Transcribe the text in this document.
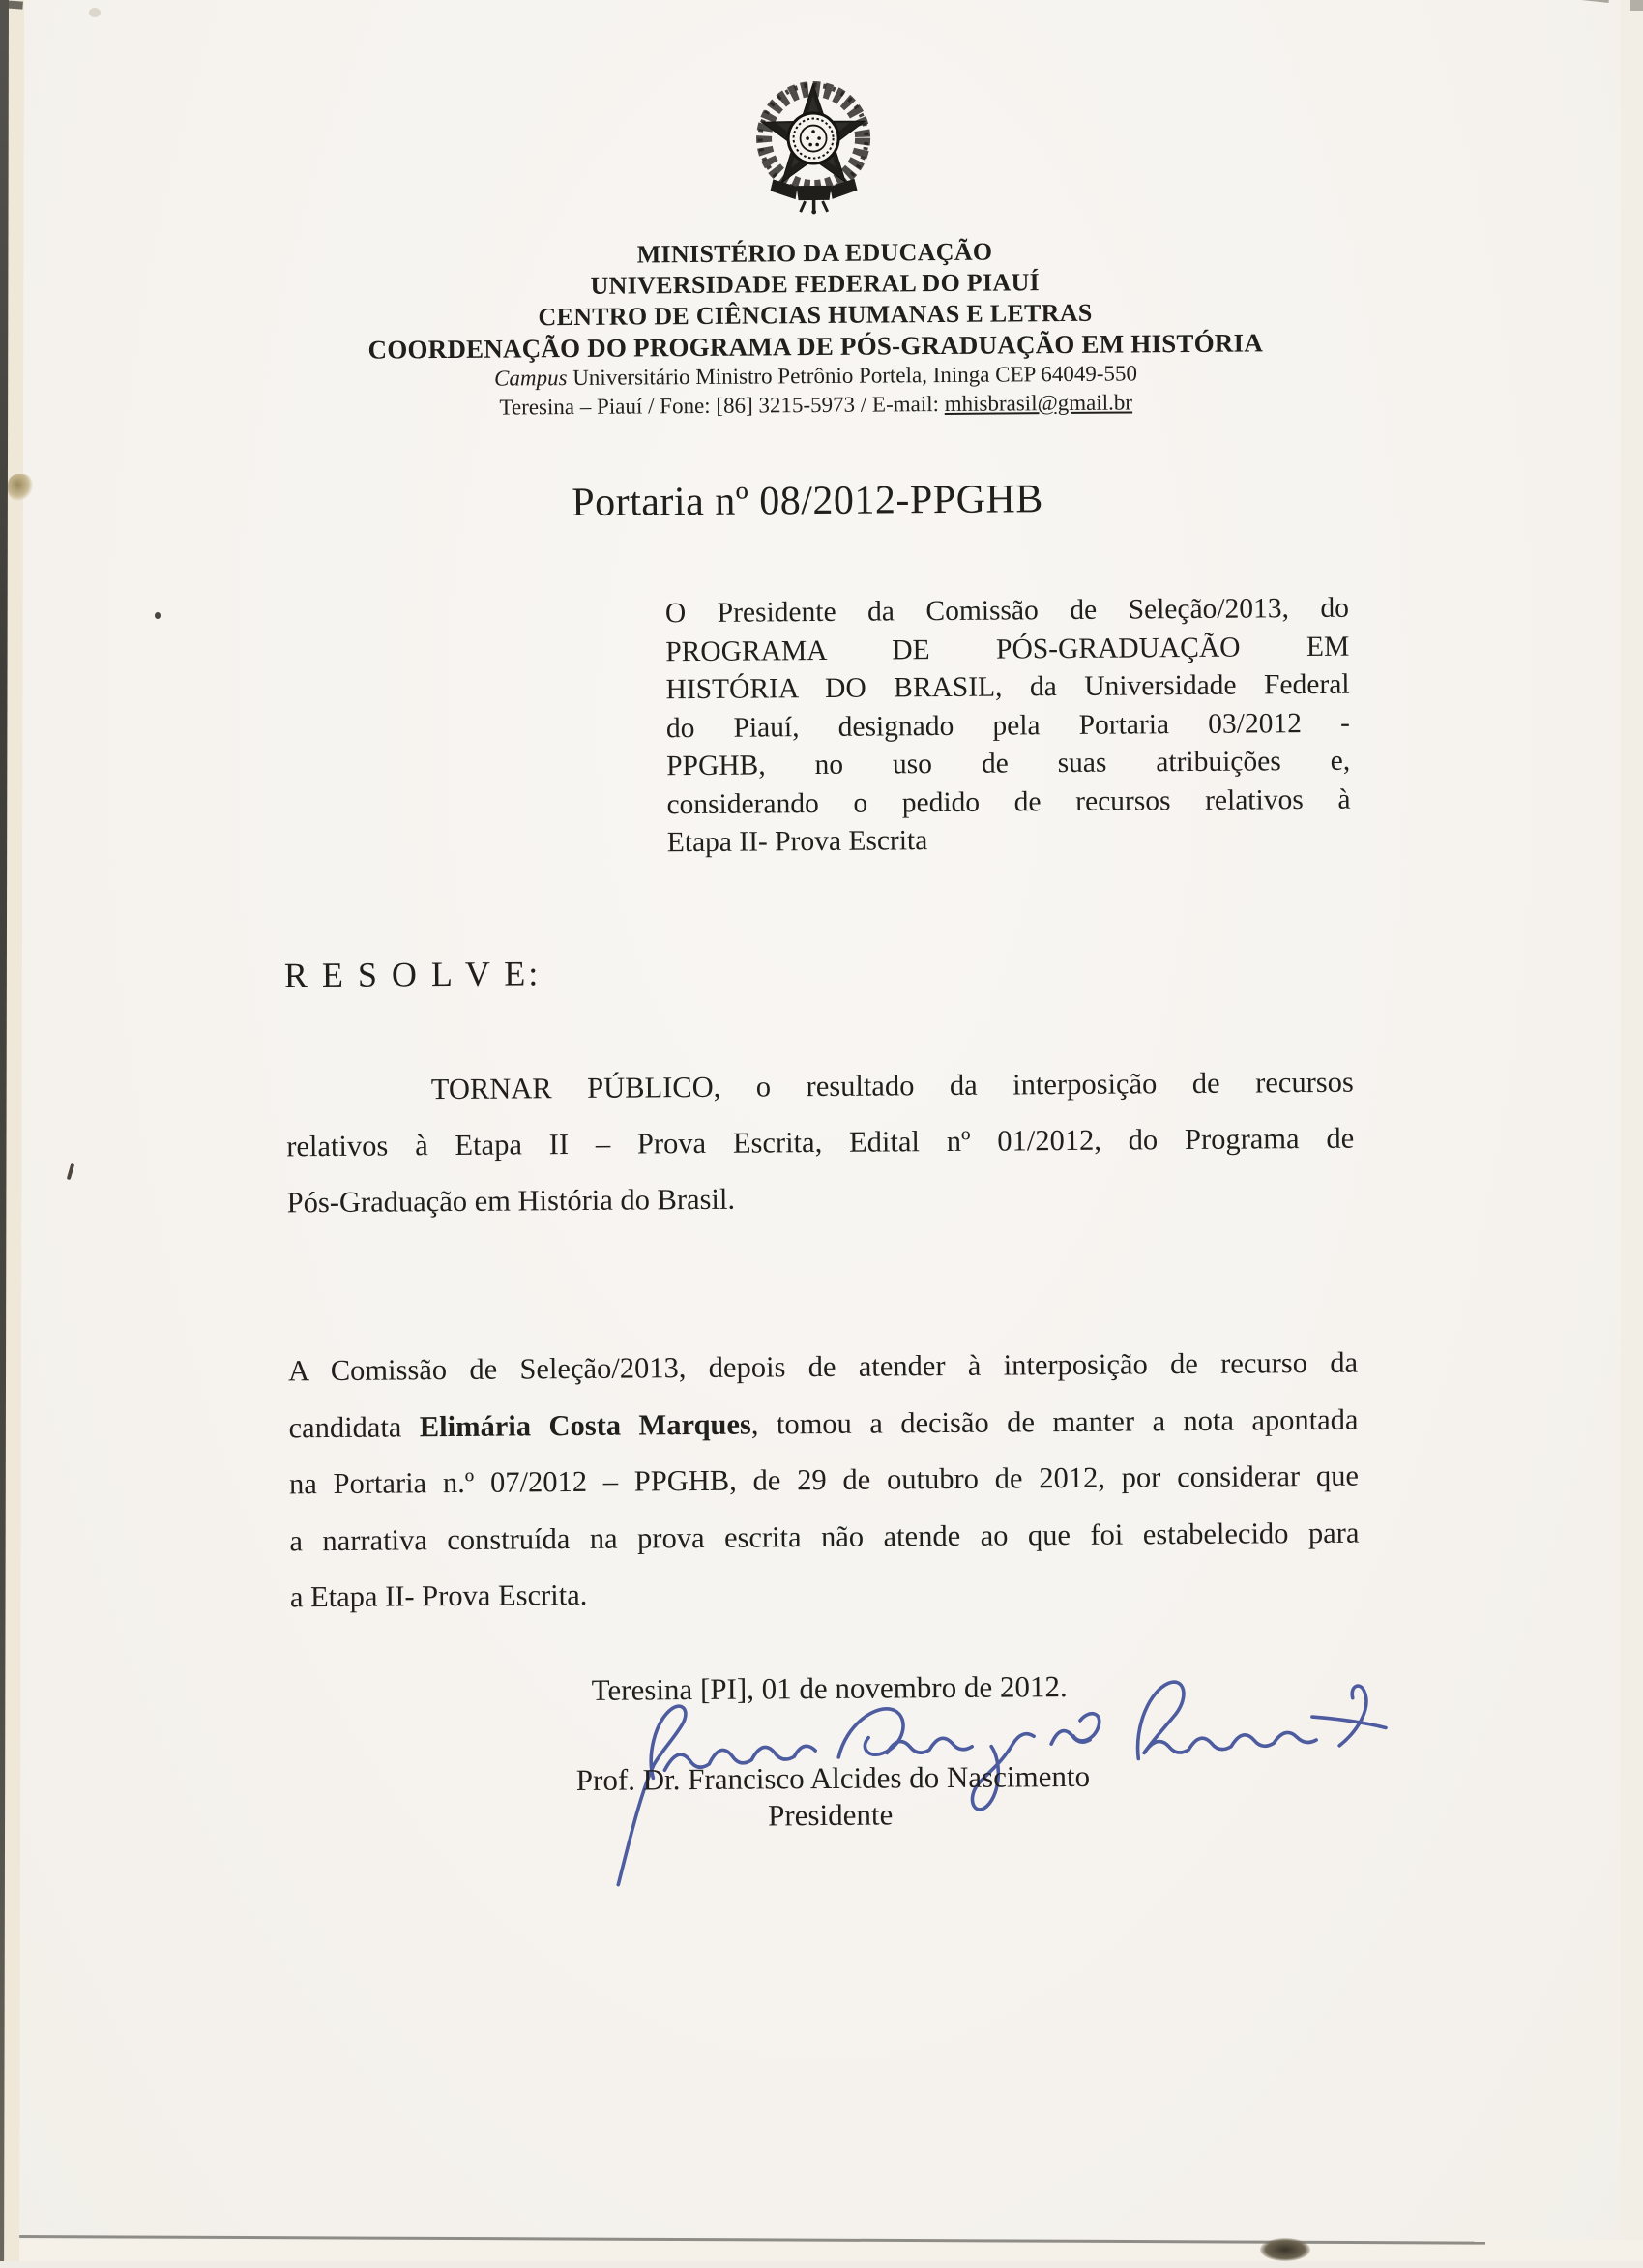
MINISTÉRIO DA EDUCAÇÃO
UNIVERSIDADE FEDERAL DO PIAUÍ
CENTRO DE CIÊNCIAS HUMANAS E LETRAS
COORDENAÇÃO DO PROGRAMA DE PÓS-GRADUAÇÃO EM HISTÓRIA
Campus Universitário Ministro Petrônio Portela, Ininga CEP 64049-550
Teresina – Piauí / Fone: [86] 3215-5973 / E-mail: mhisbrasil@gmail.br
Portaria nº 08/2012-PPGHB
O Presidente da Comissão de Seleção/2013, do
PROGRAMA DE PÓS-GRADUAÇÃO EM
HISTÓRIA DO BRASIL, da Universidade Federal
do Piauí, designado pela Portaria 03/2012 -
PPGHB, no uso de suas atribuições e,
considerando o pedido de recursos relativos à
Etapa II- Prova Escrita
R E S O L V E:
TORNAR PÚBLICO, o resultado da interposição de recursos
relativos à Etapa II – Prova Escrita, Edital nº 01/2012, do Programa de
Pós-Graduação em História do Brasil.
A Comissão de Seleção/2013, depois de atender à interposição de recurso da
candidata Elimária Costa Marques, tomou a decisão de manter a nota apontada
na Portaria n.º 07/2012 – PPGHB, de 29 de outubro de 2012, por considerar que
a narrativa construída na prova escrita não atende ao que foi estabelecido para
a Etapa II- Prova Escrita.
Teresina [PI], 01 de novembro de 2012.
Prof. Dr. Francisco Alcides do Nascimento
Presidente
